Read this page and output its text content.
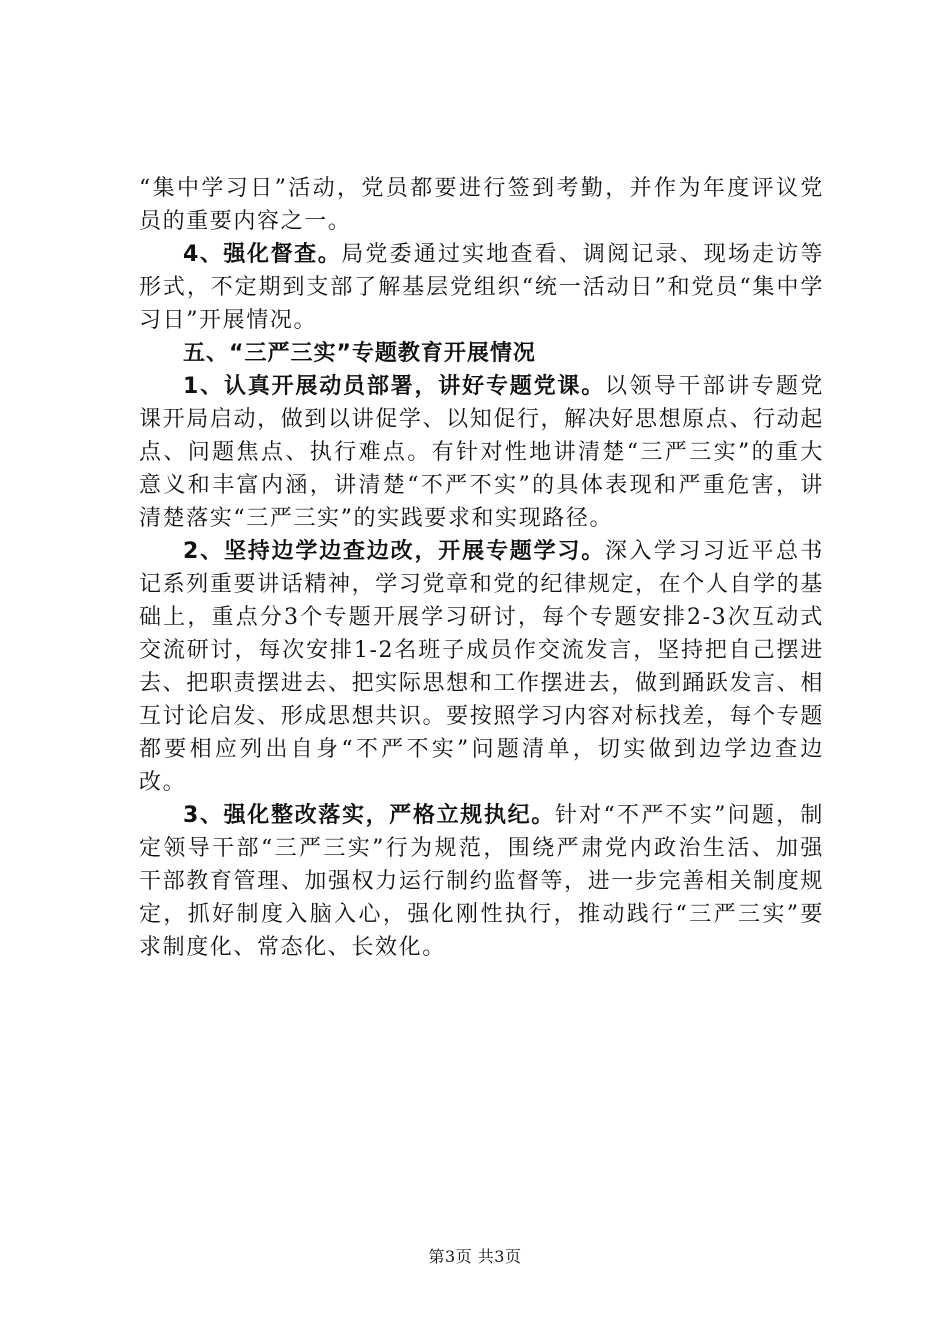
“集中学习日”活动，党员都要进行签到考勤，并作为年度评议党员的重要内容之一。

4、强化督查。局党委通过实地查看、调阅记录、现场走访等形式，不定期到支部了解基层党组织“统一活动日”和党员“集中学习日”开展情况。

五、“三严三实”专题教育开展情况

1、认真开展动员部署，讲好专题党课。以领导干部讲专题党课开局启动，做到以讲促学、以知促行，解决好思想原点、行动起点、问题焦点、执行难点。有针对性地讲清楚“三严三实”的重大意义和丰富内涵，讲清楚“不严不实”的具体表现和严重危害，讲清楚落实“三严三实”的实践要求和实现路径。

2、坚持边学边查边改，开展专题学习。深入学习习近平总书记系列重要讲话精神，学习党章和党的纪律规定，在个人自学的基础上，重点分3个专题开展学习研讨，每个专题安排2-3次互动式交流研讨，每次安排1-2名班子成员作交流发言，坚持把自己摆进去、把职责摆进去、把实际思想和工作摆进去，做到踊跃发言、相互讨论启发、形成思想共识。要按照学习内容对标找差，每个专题都要相应列出自身“不严不实”问题清单，切实做到边学边查边改。

3、强化整改落实，严格立规执纪。针对“不严不实”问题，制定领导干部“三严三实”行为规范，围绕严肃党内政治生活、加强干部教育管理、加强权力运行制约监督等，进一步完善相关制度规定，抓好制度入脑入心，强化刚性执行，推动践行“三严三实”要求制度化、常态化、长效化。

第3页 共3页
